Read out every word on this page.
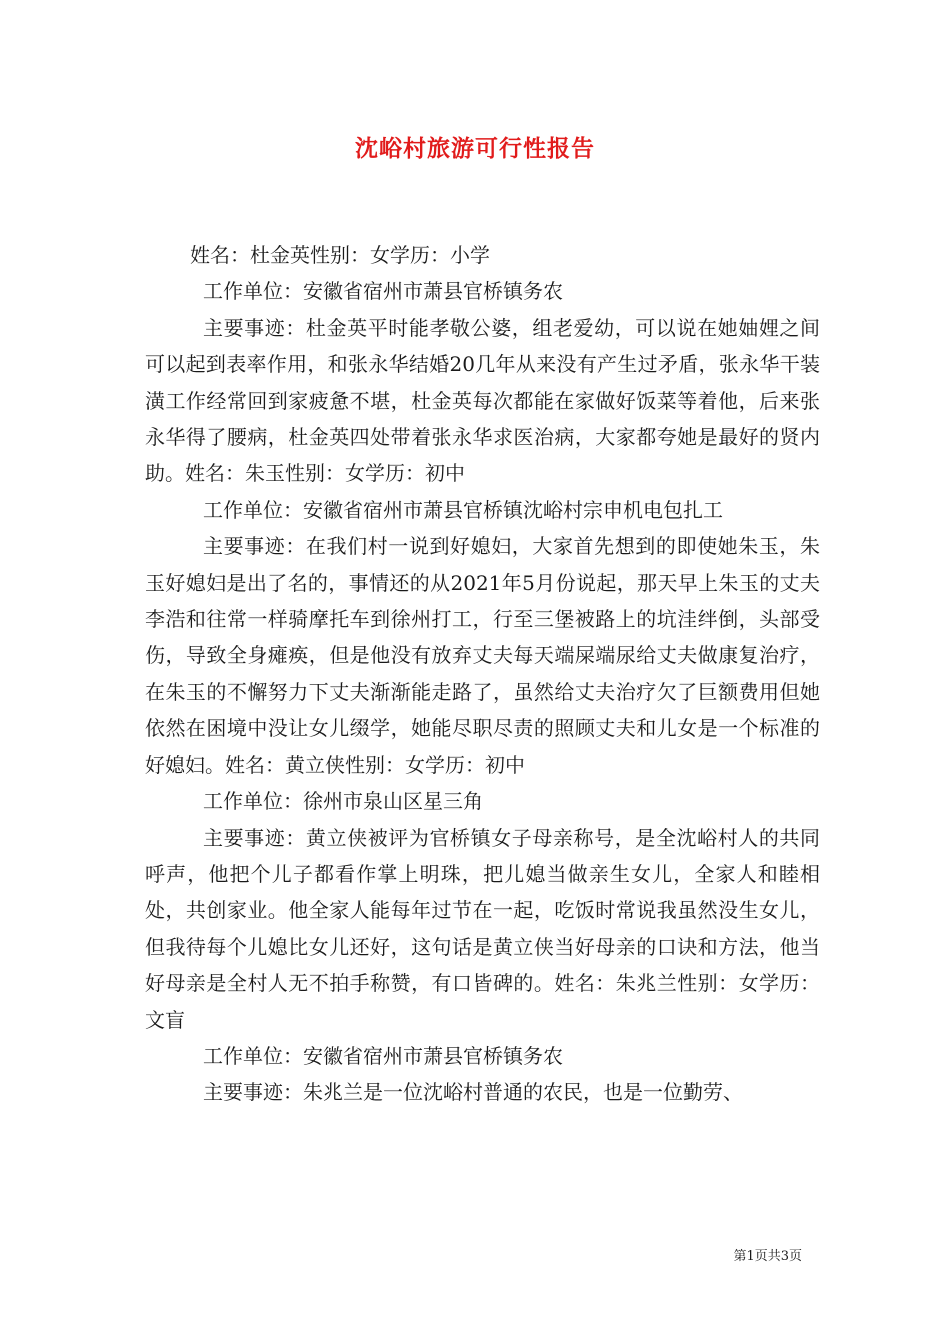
沈峪村旅游可行性报告

姓名：杜金英性别：女学历：小学

工作单位：安徽省宿州市萧县官桥镇务农

主要事迹：杜金英平时能孝敬公婆，组老爱幼，可以说在她妯娌之间可以起到表率作用，和张永华结婚20几年从来没有产生过矛盾，张永华干装潢工作经常回到家疲惫不堪，杜金英每次都能在家做好饭菜等着他，后来张永华得了腰病，杜金英四处带着张永华求医治病，大家都夸她是最好的贤内助。姓名：朱玉性别：女学历：初中

工作单位：安徽省宿州市萧县官桥镇沈峪村宗申机电包扎工

主要事迹：在我们村一说到好媳妇，大家首先想到的即使她朱玉，朱玉好媳妇是出了名的，事情还的从2021年5月份说起，那天早上朱玉的丈夫李浩和往常一样骑摩托车到徐州打工，行至三堡被路上的坑洼绊倒，头部受伤，导致全身瘫痪，但是他没有放弃丈夫每天端屎端尿给丈夫做康复治疗，在朱玉的不懈努力下丈夫渐渐能走路了，虽然给丈夫治疗欠了巨额费用但她依然在困境中没让女儿缀学，她能尽职尽责的照顾丈夫和儿女是一个标准的好媳妇。姓名：黄立侠性别：女学历：初中

工作单位：徐州市泉山区星三角

主要事迹：黄立侠被评为官桥镇女子母亲称号，是全沈峪村人的共同呼声，他把个儿子都看作掌上明珠，把儿媳当做亲生女儿，全家人和睦相处，共创家业。他全家人能每年过节在一起，吃饭时常说我虽然没生女儿，但我待每个儿媳比女儿还好，这句话是黄立侠当好母亲的口诀和方法，他当好母亲是全村人无不拍手称赞，有口皆碑的。姓名：朱兆兰性别：女学历：文盲

工作单位：安徽省宿州市萧县官桥镇务农

主要事迹：朱兆兰是一位沈峪村普通的农民，也是一位勤劳、

第1页共3页
